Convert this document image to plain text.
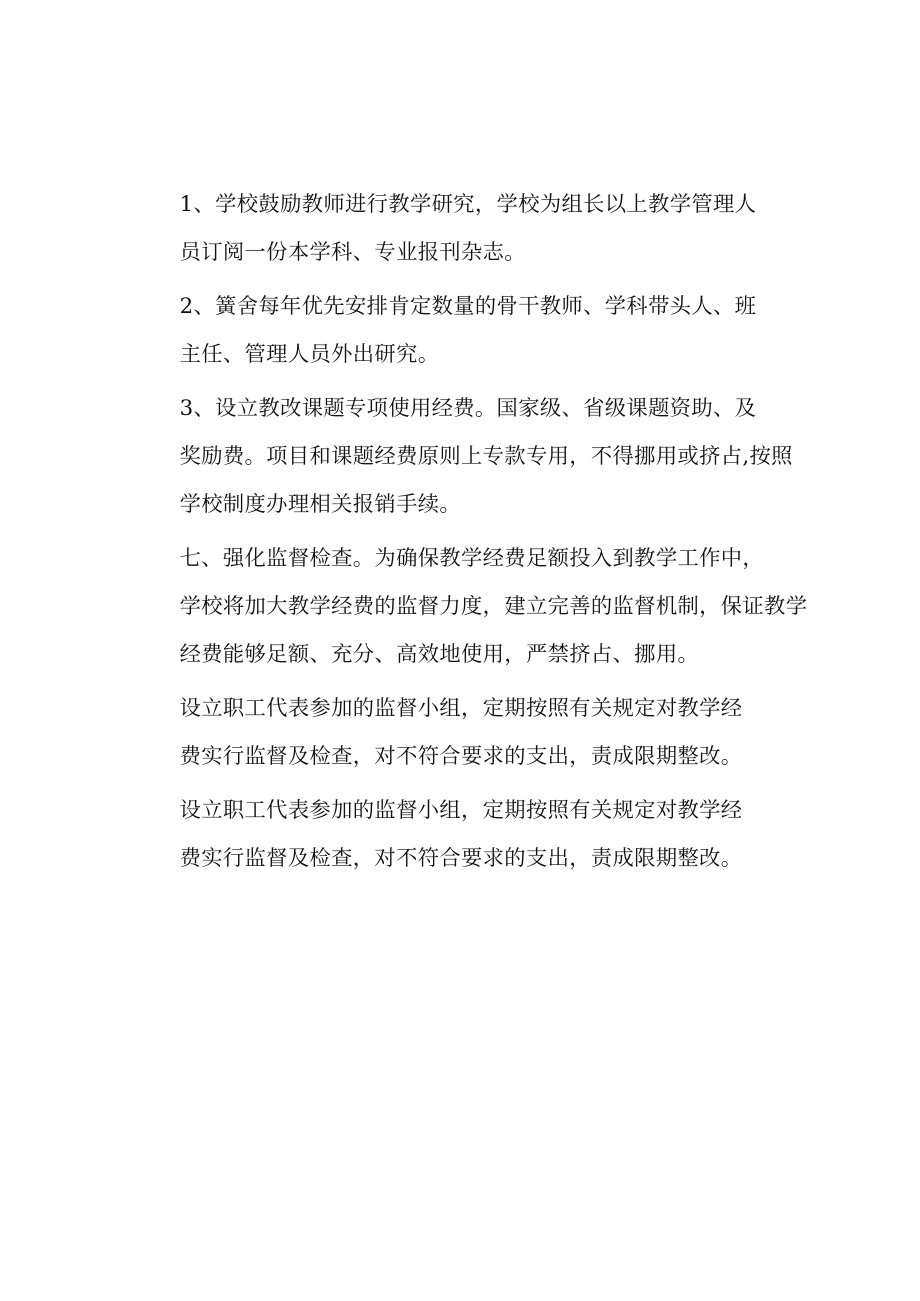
1、学校鼓励教师进行教学研究，学校为组长以上教学管理人
员订阅一份本学科、专业报刊杂志。

2、簧舍每年优先安排肯定数量的骨干教师、学科带头人、班
主任、管理人员外出研究。

3、设立教改课题专项使用经费。国家级、省级课题资助、及
奖励费。项目和课题经费原则上专款专用，不得挪用或挤占,按照
学校制度办理相关报销手续。

七、强化监督检查。为确保教学经费足额投入到教学工作中，
学校将加大教学经费的监督力度，建立完善的监督机制，保证教学
经费能够足额、充分、高效地使用，严禁挤占、挪用。

设立职工代表参加的监督小组，定期按照有关规定对教学经
费实行监督及检查，对不符合要求的支出，责成限期整改。

设立职工代表参加的监督小组，定期按照有关规定对教学经
费实行监督及检查，对不符合要求的支出，责成限期整改。
